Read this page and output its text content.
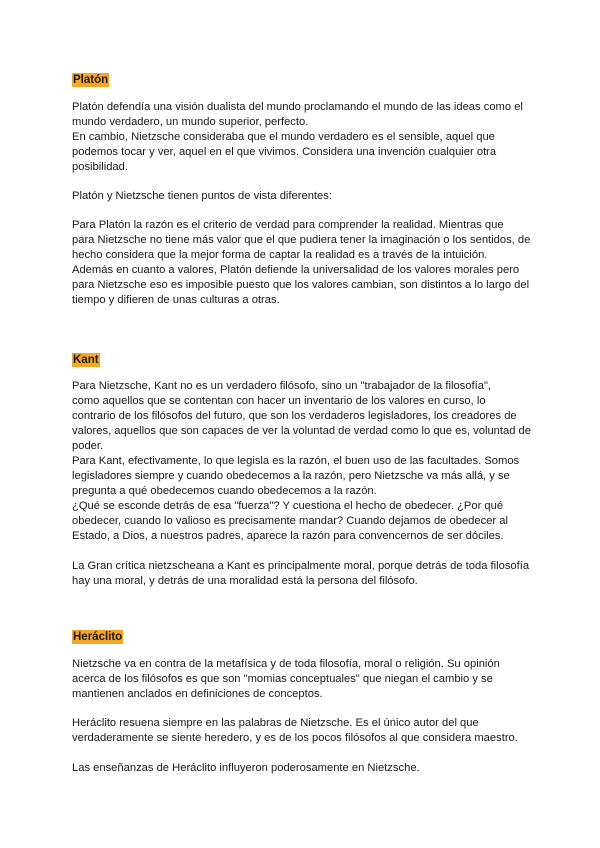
Platón

Platón defendía una visión dualista del mundo proclamando el mundo de las ideas como el

mundo verdadero, un mundo superior, perfecto.

En cambio, Nietzsche consideraba que el mundo verdadero es el sensible, aquel que

podemos tocar y ver, aquel en el que vivimos. Considera una invención cualquier otra

posibilidad.

Platón y Nietzsche tienen puntos de vista diferentes:

Para Platón la razón es el criterio de verdad para comprender la realidad. Mientras que

para Nietzsche no tiene más valor que el que pudiera tener la imaginación o los sentidos, de

hecho considera que la mejor forma de captar la realidad es a través de la intuición.

Además en cuanto a valores, Platón defiende la universalidad de los valores morales pero

para Nietzsche eso es imposible puesto que los valores cambian, son distintos a lo largo del

tiempo y difieren de unas culturas a otras.

Kant

Para Nietzsche, Kant no es un verdadero filósofo, sino un "trabajador de la filosofía",

como aquellos que se contentan con hacer un inventario de los valores en curso, lo

contrario de los filósofos del futuro, que son los verdaderos legisladores, los creadores de

valores, aquellos que son capaces de ver la voluntad de verdad como lo que es, voluntad de

poder.

Para Kant, efectivamente, lo que legisla es la razón, el buen uso de las facultades. Somos

legisladores siempre y cuando obedecemos a la razón, pero Nietzsche va más allá, y se

pregunta a qué obedecemos cuando obedecemos a la razón.

¿Qué se esconde detrás de esa "fuerza"? Y cuestiona el hecho de obedecer. ¿Por qué

obedecer, cuando lo valioso es precisamente mandar? Cuando dejamos de obedecer al

Estado, a Dios, a nuestros padres, aparece la razón para convencernos de ser dóciles.

La Gran crítica nietzscheana a Kant es principalmente moral, porque detrás de toda filosofía

hay una moral, y detrás de una moralidad está la persona del filósofo.

Heráclito

Nietzsche va en contra de la metafísica y de toda filosofía, moral o religión. Su opinión

acerca de los filósofos es que son "momias conceptuales" que niegan el cambio y se

mantienen anclados en definiciones de conceptos.

Heráclito resuena siempre en las palabras de Nietzsche. Es el único autor del que

verdaderamente se siente heredero, y es de los pocos filósofos al que considera maestro.

Las enseñanzas de Heráclito influyeron poderosamente en Nietzsche.
